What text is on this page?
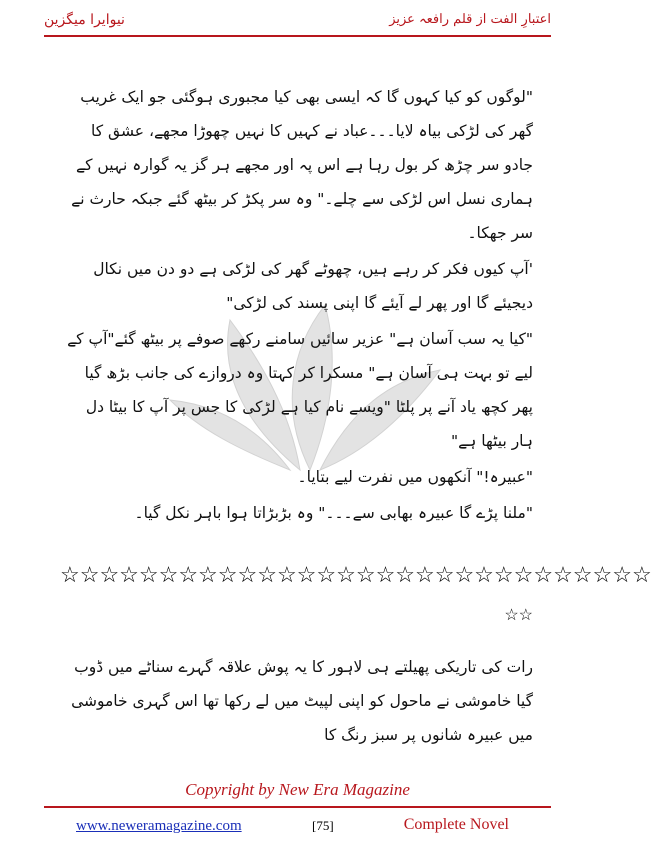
نیوایرا میگزین	اعتبارِ الفت از قلم رافعہ عزیز

"لوگوں کو کیا کہوں گا کہ ایسی بھی کیا مجبوری ہوگئی جو ایک غریب گھر کی لڑکی بیاہ لایا۔۔۔عباد نے کہیں کا نہیں چھوڑا مجھے، عشق کا جادو سر چڑھ کر بول رہا ہے اس پہ اور مجھے ہر گز یہ گوارہ نہیں کے ہماری نسل اس لڑکی سے چلے۔" وہ سر پکڑ کر بیٹھ گئے جبکہ حارث نے سر جھکا۔

'آپ کیوں فکر کر رہے ہیں، چھوٹے گھر کی لڑکی ہے دو دن میں نکال دیجیئے گا اور پھر لے آیئے گا اپنی پسند کی لڑکی"

"کیا یہ سب آسان ہے" عزیر سائیں سامنے رکھے صوفے پر بیٹھ گئے"آپ کے لیے تو بہت ہی آسان ہے" مسکرا کر کہتا وہ دروازے کی جانب بڑھ گیا پھر کچھ یاد آنے پر پلٹا "ویسے نام کیا ہے لڑکی کا جس پر آپ کا بیٹا دل ہار بیٹھا ہے"

"عبیرہ!" آنکھوں میں نفرت لیے بتایا۔

"ملنا پڑے گا عبیرہ بھابی سے۔۔۔" وہ بڑبڑاتا ہوا باہر نکل گیا۔

☆☆☆☆☆☆☆☆☆☆☆☆☆☆☆☆☆☆☆☆☆☆☆☆☆☆☆☆☆☆
☆☆

رات کی تاریکی پھیلتے ہی لاہور کا یہ پوش علاقہ گہرے سناٹے میں ڈوب گیا خاموشی نے ماحول کو اپنی لپیٹ میں لے رکھا تھا اس گہری خاموشی میں عبیرہ شانوں پر سبز رنگ کا

Copyright by New Era Magazine
www.neweramagazine.com	[75]	Complete Novel
